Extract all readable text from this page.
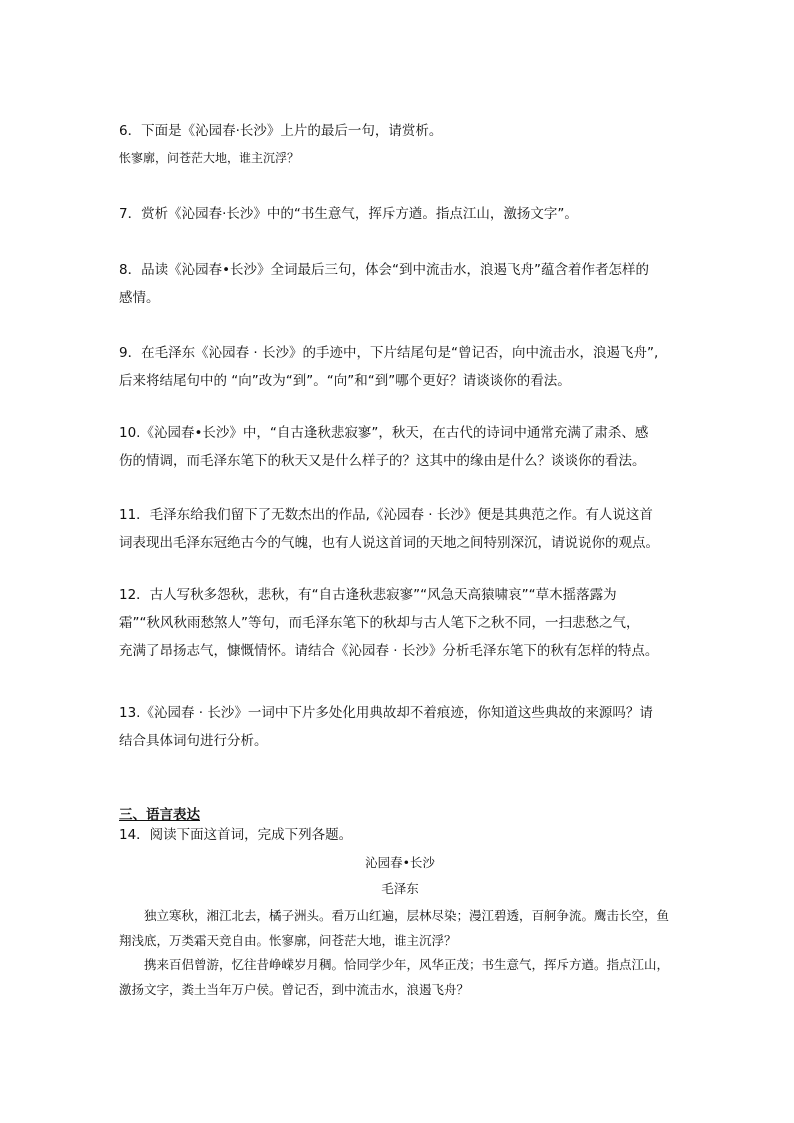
6．下面是《沁园春·长沙》上片的最后一句，请赏析。

怅寥廓，问苍茫大地，谁主沉浮？

7．赏析《沁园春·长沙》中的“书生意气，挥斥方遒。指点江山，激扬文字”。

8．品读《沁园春•长沙》全词最后三句，体会“到中流击水，浪遏飞舟”蕴含着作者怎样的

感情。

9．在毛泽东《沁园春 · 长沙》的手迹中，下片结尾句是“曾记否，向中流击水，浪遏飞舟”,

后来将结尾句中的 “向”改为“到”。“向”和“到”哪个更好？请谈谈你的看法。

10.《沁园春•长沙》中，“自古逢秋悲寂寥”，秋天，在古代的诗词中通常充满了肃杀、感

伤的情调，而毛泽东笔下的秋天又是什么样子的？这其中的缘由是什么？谈谈你的看法。

11．毛泽东给我们留下了无数杰出的作品,《沁园春 · 长沙》便是其典范之作。有人说这首

词表现出毛泽东冠绝古今的气魄，也有人说这首词的天地之间特别深沉，请说说你的观点。

12．古人写秋多怨秋，悲秋，有“自古逢秋悲寂寥”“风急天高猿啸哀”“草木摇落露为

霜”“秋风秋雨愁煞人”等句，而毛泽东笔下的秋却与古人笔下之秋不同，一扫悲愁之气，

充满了昂扬志气，慷慨情怀。请结合《沁园春 · 长沙》分析毛泽东笔下的秋有怎样的特点。

13.《沁园春 · 长沙》一词中下片多处化用典故却不着痕迹，你知道这些典故的来源吗？请

结合具体词句进行分析。

三、语言表达
14．阅读下面这首词，完成下列各题。
沁园春•长沙
毛泽东

独立寒秋，湘江北去，橘子洲头。看万山红遍，层林尽染；漫江碧透，百舸争流。鹰击长空，鱼翔浅底，万类霜天竞自由。怅寥廓，问苍茫大地，谁主沉浮？

携来百侣曾游，忆往昔峥嵘岁月稠。恰同学少年，风华正茂；书生意气，挥斥方遒。指点江山，激扬文字，粪土当年万户侯。曾记否，到中流击水，浪遏飞舟？
